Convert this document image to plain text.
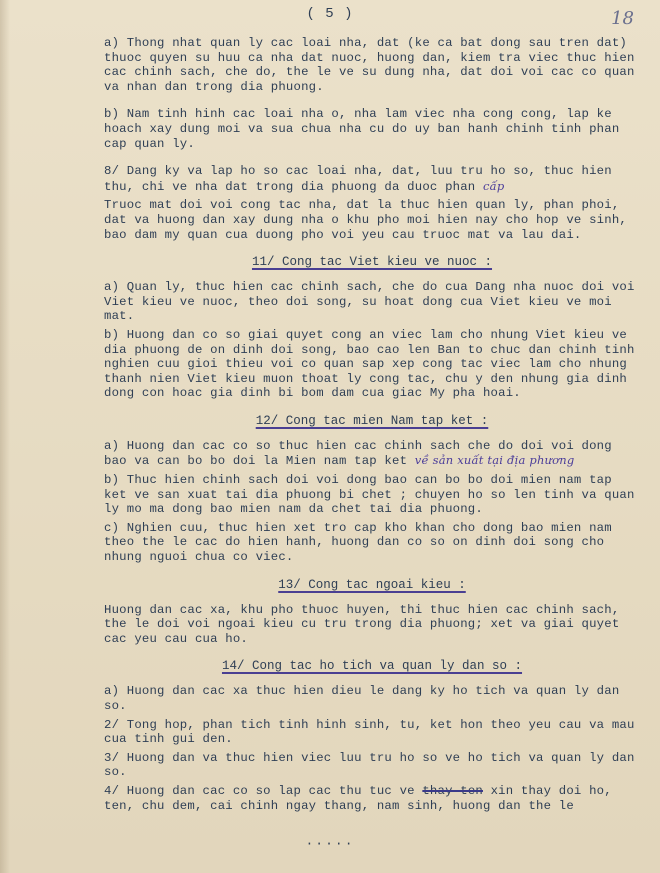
( 5 )	18

a) Thong nhat quan ly cac loai nha, dat (ke ca bat dong sau tren dat) thuoc quyen su huu ca nha dat nuoc, huong dan, kiem tra viec thuc hien cac chinh sach, che do, the le ve su dung nha, dat doi voi cac co quan va nhan dan trong dia phuong.

b) Nam tinh hinh cac loai nha o, nha lam viec nha cong cong, lap ke hoach xay dung moi va sua chua nha cu do uy ban hanh chinh tinh phan cap quan ly.

8/ Dang ky va lap ho so cac loai nha, dat, luu tru ho so, thuc hien thu, chi ve nha dat trong dia phuong da duoc phan cấp

Truoc mat doi voi cong tac nha, dat la thuc hien quan ly, phan phoi, dat va huong dan xay dung nha o khu pho moi hien nay cho hop ve sinh, bao dam my quan cua duong pho voi yeu cau truoc mat va lau dai.

11/ Cong tac Viet kieu ve nuoc :

a) Quan ly, thuc hien cac chinh sach, che do cua Dang nha nuoc doi voi Viet kieu ve nuoc, theo doi song, su hoat dong cua Viet kieu ve moi mat.

b) Huong dan co so giai quyet cong an viec lam cho nhung Viet kieu ve dia phuong de on dinh doi song, bao cao len Ban to chuc dan chinh tinh nghien cuu gioi thieu voi co quan sap xep cong tac viec lam cho nhung thanh nien Viet kieu muon thoat ly cong tac, chu y den nhung gia dinh dong con hoac gia dinh bi bom dam cua giac My pha hoai.

12/ Cong tac mien Nam tap ket :

a) Huong dan cac co so thuc hien cac chinh sach che do doi voi dong bao va can bo bo doi la Mien nam tap ket về sản xuất tại địa phương

b) Thuc hien chinh sach doi voi dong bao can bo bo doi mien nam tap ket ve san xuat tai dia phuong bi chet ; chuyen ho so len tinh va quan ly mo ma dong bao mien nam da chet tai dia phuong.

c) Nghien cuu, thuc hien xet tro cap kho khan cho dong bao mien nam theo the le cac do hien hanh, huong dan co so on dinh doi song cho nhung nguoi chua co viec.

13/ Cong tac ngoai kieu :

Huong dan cac xa, khu pho thuoc huyen, thi thuc hien cac chinh sach, the le doi voi ngoai kieu cu tru trong dia phuong; xet va giai quyet cac yeu cau cua ho.

14/ Cong tac ho tich va quan ly dan so :

a) Huong dan cac xa thuc hien dieu le dang ky ho tich va quan ly dan so.

2/ Tong hop, phan tich tinh hinh sinh, tu, ket hon theo yeu cau va mau cua tinh gui den.

3/ Huong dan va thuc hien viec luu tru ho so ve ho tich va quan ly dan so.

4/ Huong dan cac co so lap cac thu tuc ve thay ten xin thay doi ho, ten, chu dem, cai chinh ngay thang, nam sinh, huong dan the le

·····
